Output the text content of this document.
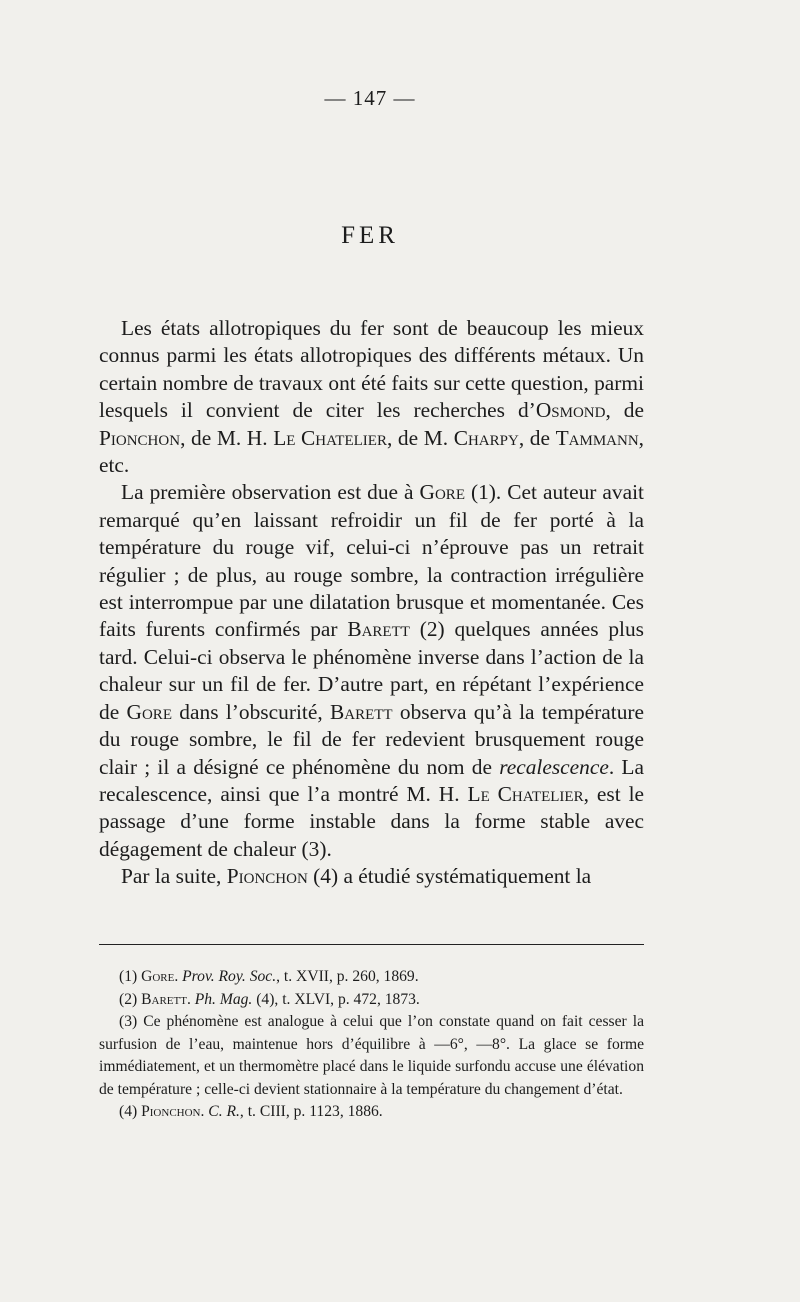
— 147 —
FER

Les états allotropiques du fer sont de beaucoup les mieux connus parmi les états allotropiques des différents métaux. Un certain nombre de travaux ont été faits sur cette question, parmi lesquels il convient de citer les recherches d’Osmond, de Pionchon, de M. H. Le Chatelier, de M. Charpy, de Tammann, etc.

La première observation est due à Gore (1). Cet auteur avait remarqué qu’en laissant refroidir un fil de fer porté à la température du rouge vif, celui-ci n’éprouve pas un retrait régulier ; de plus, au rouge sombre, la contraction irrégulière est interrompue par une dilatation brusque et momentanée. Ces faits furents confirmés par Barett (2) quelques années plus tard. Celui-ci observa le phénomène inverse dans l’action de la chaleur sur un fil de fer. D’autre part, en répétant l’expérience de Gore dans l’obscurité, Barett observa qu’à la température du rouge sombre, le fil de fer redevient brusquement rouge clair ; il a désigné ce phénomène du nom de recalescence. La recalescence, ainsi que l’a montré M. H. Le Chatelier, est le passage d’une forme instable dans la forme stable avec dégagement de chaleur (3).

Par la suite, Pionchon (4) a étudié systématiquement la

(1) Gore. Prov. Roy. Soc., t. XVII, p. 260, 1869.

(2) Barett. Ph. Mag. (4), t. XLVI, p. 472, 1873.

(3) Ce phénomène est analogue à celui que l’on constate quand on fait cesser la surfusion de l’eau, maintenue hors d’équilibre à —6°, —8°. La glace se forme immédiatement, et un thermomètre placé dans le liquide surfondu accuse une élévation de température ; celle-ci devient stationnaire à la température du changement d’état.

(4) Pionchon. C. R., t. CIII, p. 1123, 1886.
